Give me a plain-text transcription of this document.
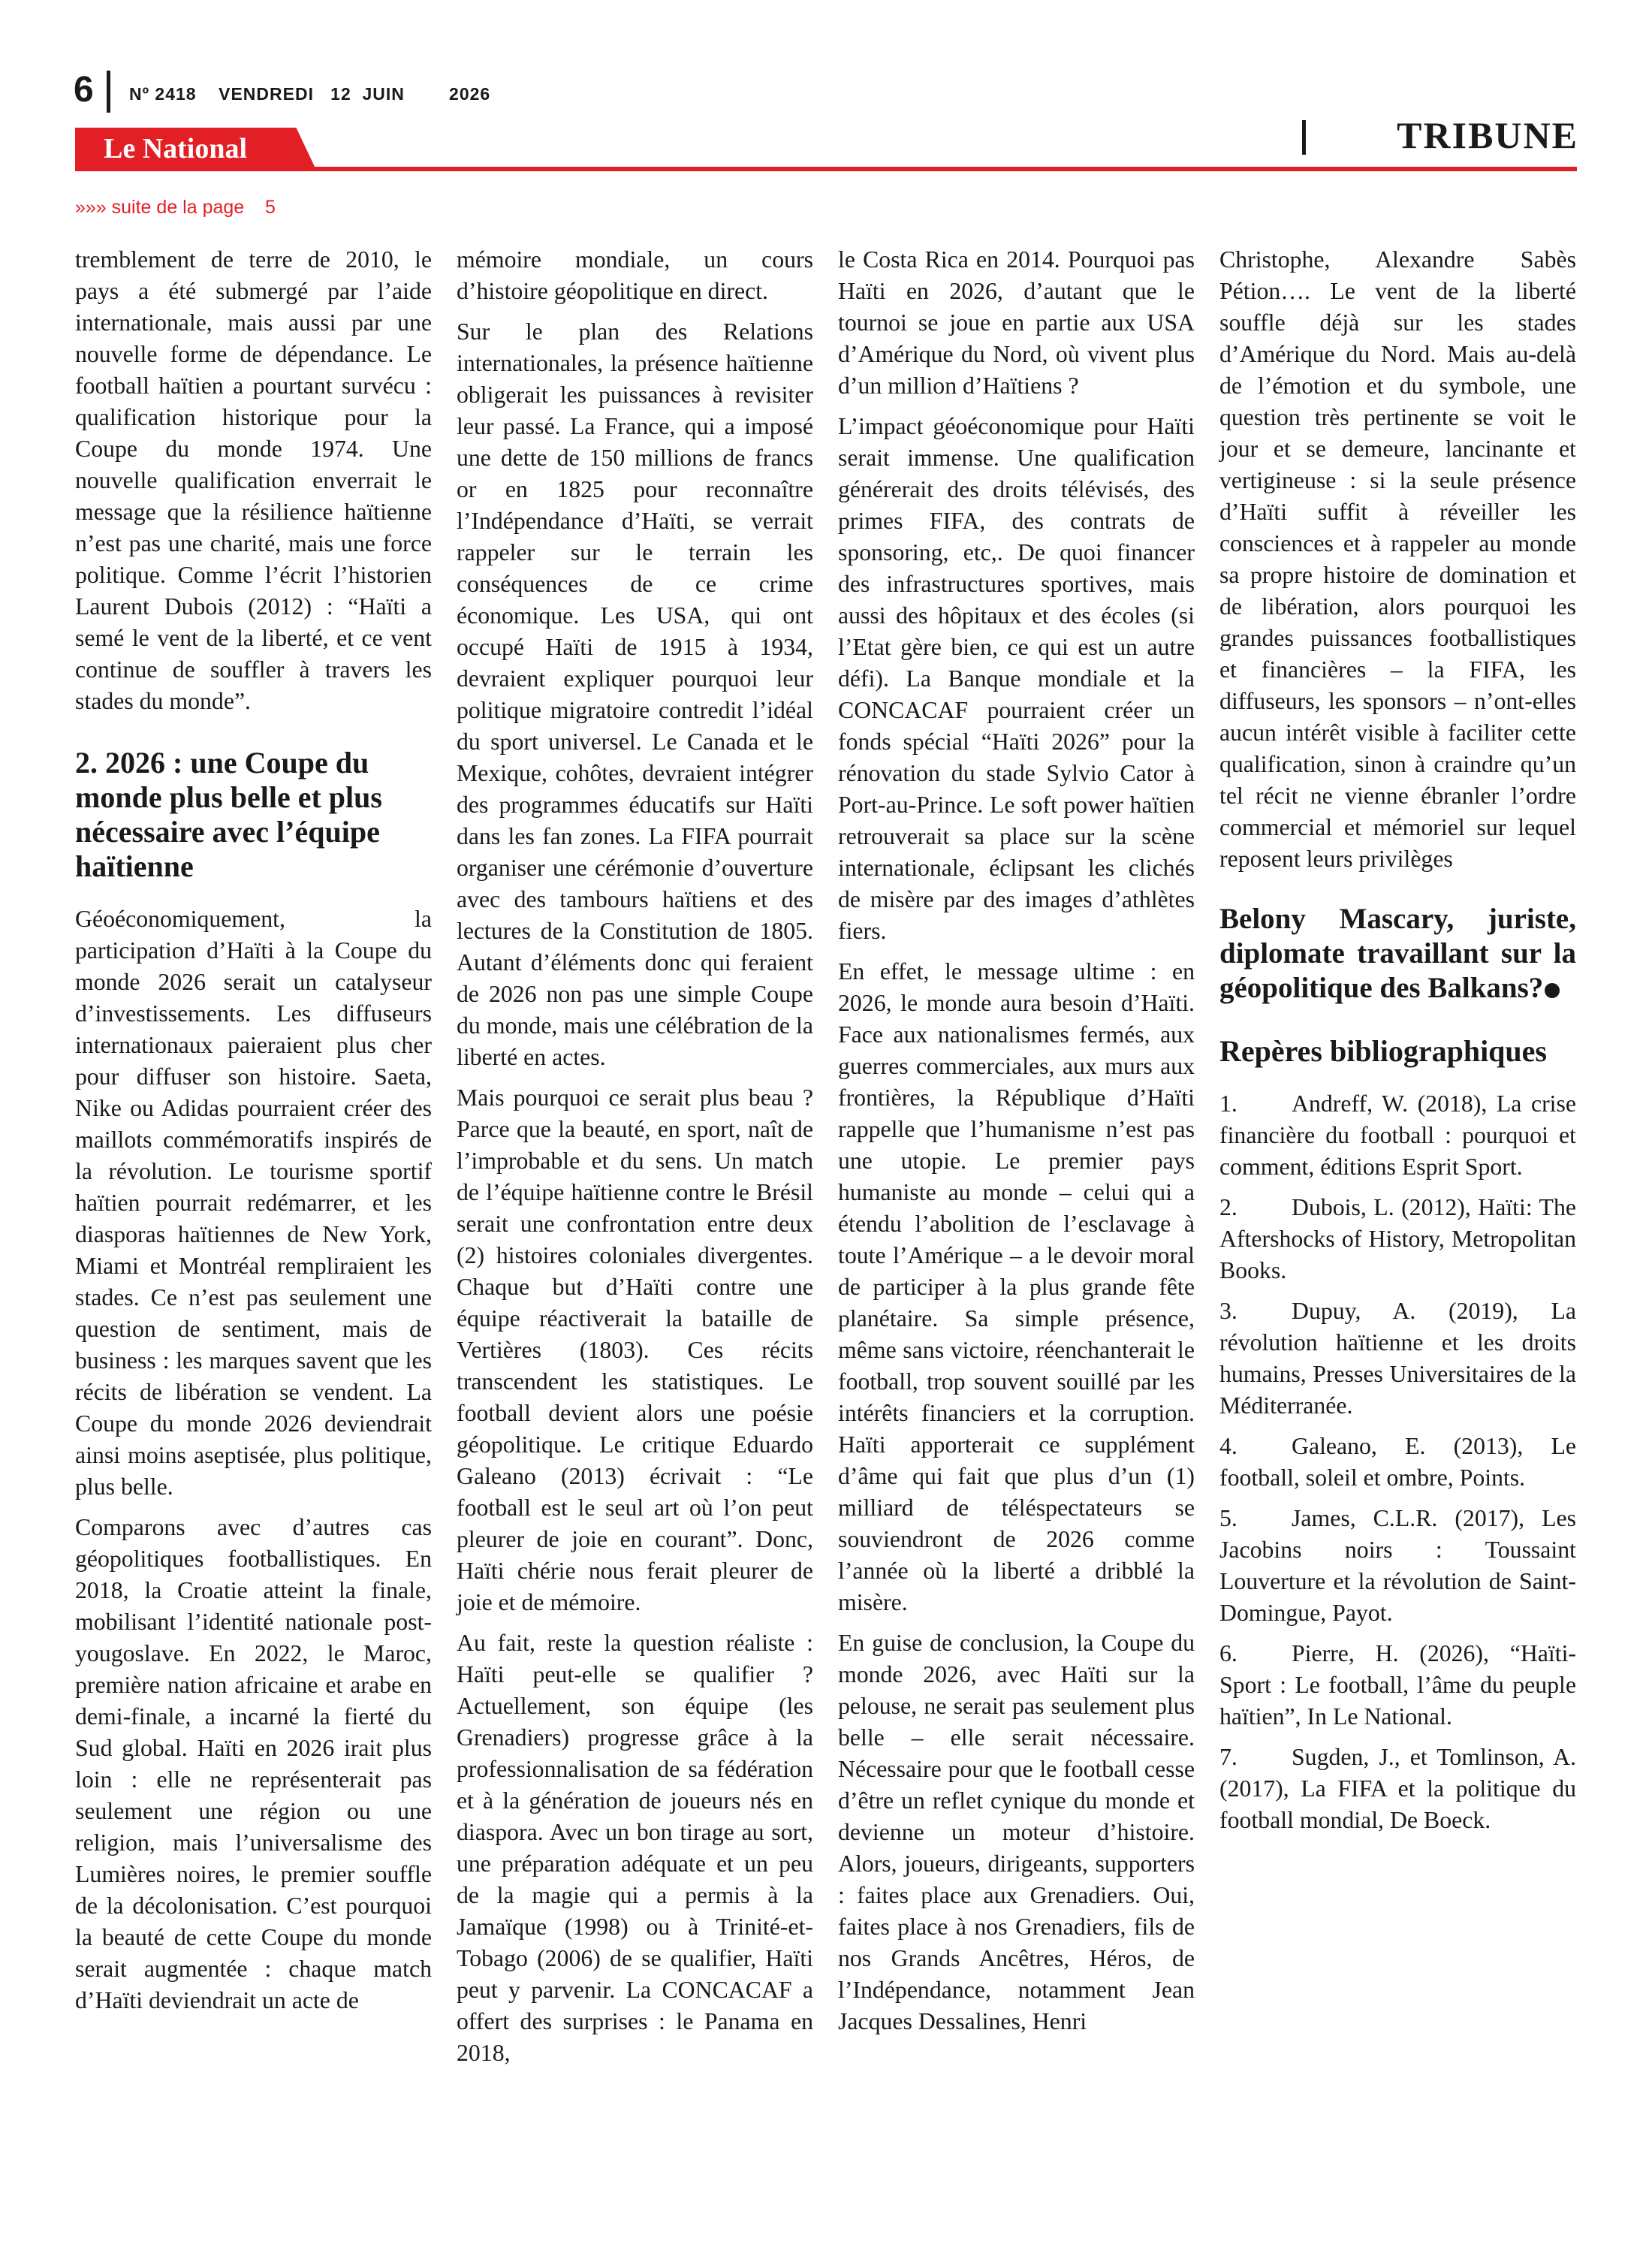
6 Nº 2418    VENDREDI   12  JUIN        2026
Le National	TRIBUNE
»»» suite de la page    5

tremblement de terre de 2010, le pays a été submergé par l’aide internationale, mais aussi par une nouvelle forme de dépendance. Le football haïtien a pourtant survécu : qualification historique pour la Coupe du monde 1974. Une nouvelle qualification enverrait le message que la résilience haïtienne n’est pas une charité, mais une force politique. Comme l’écrit l’historien Laurent Dubois (2012) : “Haïti a semé le vent de la liberté, et ce vent continue de souffler à travers les stades du monde”.

2. 2026 : une Coupe du monde plus belle et plus nécessaire avec l’équipe haïtienne

Géoéconomiquement, la participation d’Haïti à la Coupe du monde 2026 serait un catalyseur d’investissements. Les diffuseurs internationaux paieraient plus cher pour diffuser son histoire. Saeta, Nike ou Adidas pourraient créer des maillots commémoratifs inspirés de la révolution. Le tourisme sportif haïtien pourrait redémarrer, et les diasporas haïtiennes de New York, Miami et Montréal rempliraient les stades. Ce n’est pas seulement une question de sentiment, mais de business : les marques savent que les récits de libération se vendent. La Coupe du monde 2026 deviendrait ainsi moins aseptisée, plus politique, plus belle.

Comparons avec d’autres cas géopolitiques footballistiques. En 2018, la Croatie atteint la finale, mobilisant l’identité nationale post-yougoslave. En 2022, le Maroc, première nation africaine et arabe en demi-finale, a incarné la fierté du Sud global. Haïti en 2026 irait plus loin : elle ne représenterait pas seulement une région ou une religion, mais l’universalisme des Lumières noires, le premier souffle de la décolonisation. C’est pourquoi la beauté de cette Coupe du monde serait augmentée : chaque match d’Haïti deviendrait un acte de

mémoire mondiale, un cours d’histoire géopolitique en direct.

Sur le plan des Relations internationales, la présence haïtienne obligerait les puissances à revisiter leur passé. La France, qui a imposé une dette de 150 millions de francs or en 1825 pour reconnaître l’Indépendance d’Haïti, se verrait rappeler sur le terrain les conséquences de ce crime économique. Les USA, qui ont occupé Haïti de 1915 à 1934, devraient expliquer pourquoi leur politique migratoire contredit l’idéal du sport universel. Le Canada et le Mexique, cohôtes, devraient intégrer des programmes éducatifs sur Haïti dans les fan zones. La FIFA pourrait organiser une cérémonie d’ouverture avec des tambours haïtiens et des lectures de la Constitution de 1805. Autant d’éléments donc qui feraient de 2026 non pas une simple Coupe du monde, mais une célébration de la liberté en actes.

Mais pourquoi ce serait plus beau ? Parce que la beauté, en sport, naît de l’improbable et du sens. Un match de l’équipe haïtienne contre le Brésil serait une confrontation entre deux (2) histoires coloniales divergentes. Chaque but d’Haïti contre une équipe réactiverait la bataille de Vertières (1803). Ces récits transcendent les statistiques. Le football devient alors une poésie géopolitique. Le critique Eduardo Galeano (2013) écrivait : “Le football est le seul art où l’on peut pleurer de joie en courant”. Donc, Haïti chérie nous ferait pleurer de joie et de mémoire.

Au fait, reste la question réaliste : Haïti peut-elle se qualifier ? Actuellement, son équipe (les Grenadiers) progresse grâce à la professionnalisation de sa fédération et à la génération de joueurs nés en diaspora. Avec un bon tirage au sort, une préparation adéquate et un peu de la magie qui a permis à la Jamaïque (1998) ou à Trinité-et-Tobago (2006) de se qualifier, Haïti peut y parvenir. La CONCACAF a offert des surprises : le Panama en 2018,

le Costa Rica en 2014. Pourquoi pas Haïti en 2026, d’autant que le tournoi se joue en partie aux USA d’Amérique du Nord, où vivent plus d’un million d’Haïtiens ?

L’impact géoéconomique pour Haïti serait immense. Une qualification générerait des droits télévisés, des primes FIFA, des contrats de sponsoring, etc,. De quoi financer des infrastructures sportives, mais aussi des hôpitaux et des écoles (si l’Etat gère bien, ce qui est un autre défi). La Banque mondiale et la CONCACAF pourraient créer un fonds spécial “Haïti 2026” pour la rénovation du stade Sylvio Cator à Port-au-Prince. Le soft power haïtien retrouverait sa place sur la scène internationale, éclipsant les clichés de misère par des images d’athlètes fiers.

En effet, le message ultime : en 2026, le monde aura besoin d’Haïti. Face aux nationalismes fermés, aux guerres commerciales, aux murs aux frontières, la République d’Haïti rappelle que l’humanisme n’est pas une utopie. Le premier pays humaniste au monde – celui qui a étendu l’abolition de l’esclavage à toute l’Amérique – a le devoir moral de participer à la plus grande fête planétaire. Sa simple présence, même sans victoire, réenchanterait le football, trop souvent souillé par les intérêts financiers et la corruption. Haïti apporterait ce supplément d’âme qui fait que plus d’un (1) milliard de téléspectateurs se souviendront de 2026 comme l’année où la liberté a dribblé la misère.

En guise de conclusion, la Coupe du monde 2026, avec Haïti sur la pelouse, ne serait pas seulement plus belle – elle serait nécessaire. Nécessaire pour que le football cesse d’être un reflet cynique du monde et devienne un moteur d’histoire. Alors, joueurs, dirigeants, supporters : faites place aux Grenadiers. Oui, faites place à nos Grenadiers, fils de nos Grands Ancêtres, Héros, de l’Indépendance, notamment Jean Jacques Dessalines, Henri

Christophe, Alexandre Sabès Pétion…. Le vent de la liberté souffle déjà sur les stades d’Amérique du Nord. Mais au-delà de l’émotion et du symbole, une question très pertinente se voit le jour et se demeure, lancinante et vertigineuse : si la seule présence d’Haïti suffit à réveiller les consciences et à rappeler au monde sa propre histoire de domination et de libération, alors pourquoi les grandes puissances footballistiques et financières – la FIFA, les diffuseurs, les sponsors – n’ont-elles aucun intérêt visible à faciliter cette qualification, sinon à craindre qu’un tel récit ne vienne ébranler l’ordre commercial et mémoriel sur lequel reposent leurs privilèges

Belony Mascary, juriste, diplomate travaillant sur la géopolitique des Balkans?
Repères bibliographiques

1. Andreff, W. (2018), La crise financière du football : pourquoi et comment, éditions Esprit Sport.

2. Dubois, L. (2012), Haïti: The Aftershocks of History, Metropolitan Books.

3. Dupuy, A. (2019), La révolution haïtienne et les droits humains, Presses Universitaires de la Méditerranée.

4. Galeano, E. (2013), Le football, soleil et ombre, Points.

5. James, C.L.R. (2017), Les Jacobins noirs : Toussaint Louverture et la révolution de Saint-Domingue, Payot.

6. Pierre, H. (2026), “Haïti-Sport : Le football, l’âme du peuple haïtien”, In Le National.

7. Sugden, J., et Tomlinson, A. (2017), La FIFA et la politique du football mondial, De Boeck.
